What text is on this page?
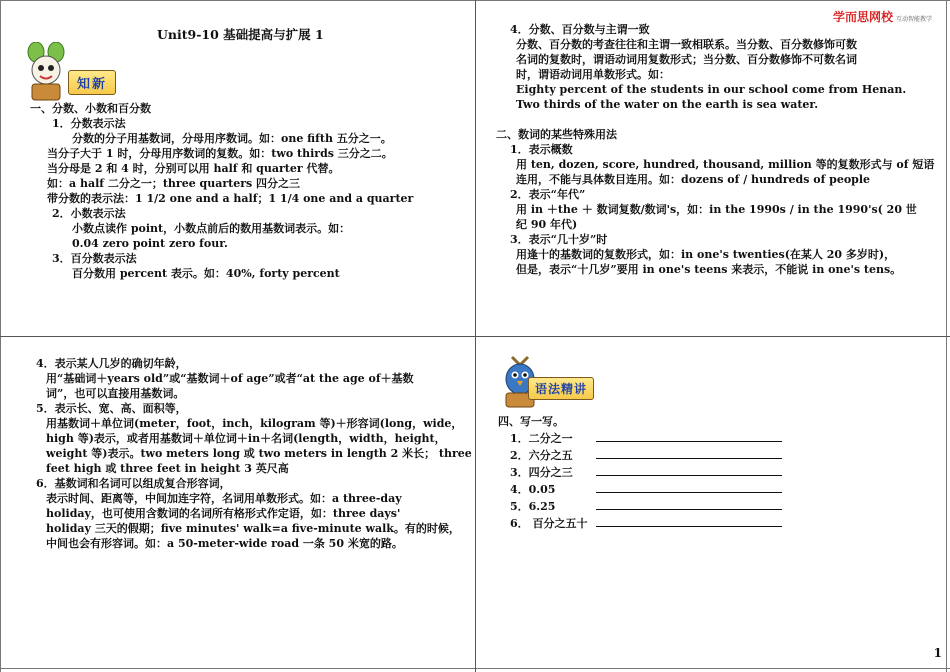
学而思网校 互动智能教学
Unit9-10 基础提高与扩展 1
知新

一、分数、小数和百分数

1．分数表示法

分数的分子用基数词，分母用序数词。如：one fifth 五分之一。

当分子大于 1 时，分母用序数词的复数。如：two thirds 三分之二。

当分母是 2 和 4 时，分别可以用 half 和 quarter 代替。

如：a half 二分之一；three quarters 四分之三

带分数的表示法：1 1/2 one and a half；1 1/4 one and a quarter

2．小数表示法

小数点读作 point，小数点前后的数用基数词表示。如：

0.04 zero point zero four.

3．百分数表示法

百分数用 percent 表示。如：40%, forty percent

4．分数、百分数与主谓一致

分数、百分数的考查往往和主谓一致相联系。当分数、百分数修饰可数

名词的复数时，谓语动词用复数形式；当分数、百分数修饰不可数名词

时，谓语动词用单数形式。如：

Eighty percent of the students in our school come from Henan.

Two thirds of the water on the earth is sea water.

二、数词的某些特殊用法

1．表示概数

用 ten, dozen, score, hundred, thousand, million 等的复数形式与 of 短语

连用，不能与具体数目连用。如：dozens of / hundreds of people

2．表示“年代”

用 in ＋the ＋ 数词复数/数词's，如：in the 1990s / in the 1990's( 20 世

纪 90 年代)

3．表示“几十岁”时

用逢十的基数词的复数形式，如：in one's twenties(在某人 20 多岁时)，

但是，表示“十几岁”要用 in one's teens 来表示，不能说 in one's tens。

4．表示某人几岁的确切年龄，

用“基础词＋years old”或“基数词＋of age”或者“at the age of＋基数

词”，也可以直接用基数词。

5．表示长、宽、高、面积等，

用基数词＋单位词(meter，foot，inch，kilogram 等)＋形容词(long，wide，

high 等)表示，或者用基数词＋单位词＋in＋名词(length，width，height，

weight 等)表示。two meters long 或 two meters in length 2 米长； three

feet high 或 three feet in height 3 英尺高

6．基数词和名词可以组成复合形容词，

表示时间、距离等，中间加连字符，名词用单数形式。如：a three-day

holiday，也可使用含数词的名词所有格形式作定语，如：three days'

holiday 三天的假期；five minutes' walk=a five-minute walk。有的时候，

中间也会有形容词。如：a 50-meter-wide road 一条 50 米宽的路。

语法精讲

四、写一写。

1．二分之一

2．六分之五

3．四分之三

4．0.05

5．6.25

6． 百分之五十

1
